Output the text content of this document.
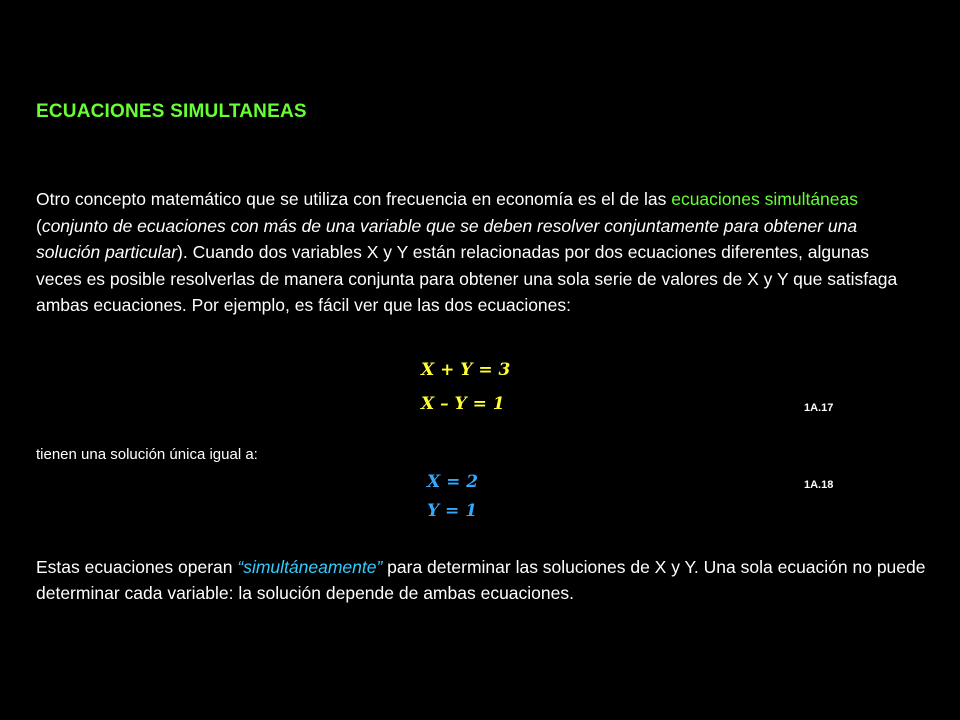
ECUACIONES SIMULTANEAS

Otro concepto matemático que se utiliza con frecuencia en economía es el de las ecuaciones simultáneas (conjunto de ecuaciones con más de una variable que se deben resolver conjuntamente para obtener una solución particular). Cuando dos variables X y Y están relacionadas por dos ecuaciones diferentes, algunas veces es posible resolverlas de manera conjunta para obtener una sola serie de valores de X y Y que satisfaga ambas ecuaciones. Por ejemplo, es fácil ver que las dos ecuaciones:

X + Y = 3
X – Y = 1	1A.17
tienen una solución única igual a:
X = 2
Y = 1
1A.18

Estas ecuaciones operan “simultáneamente” para determinar las soluciones de X y Y. Una sola ecuación no puede determinar cada variable: la solución depende de ambas ecuaciones.
